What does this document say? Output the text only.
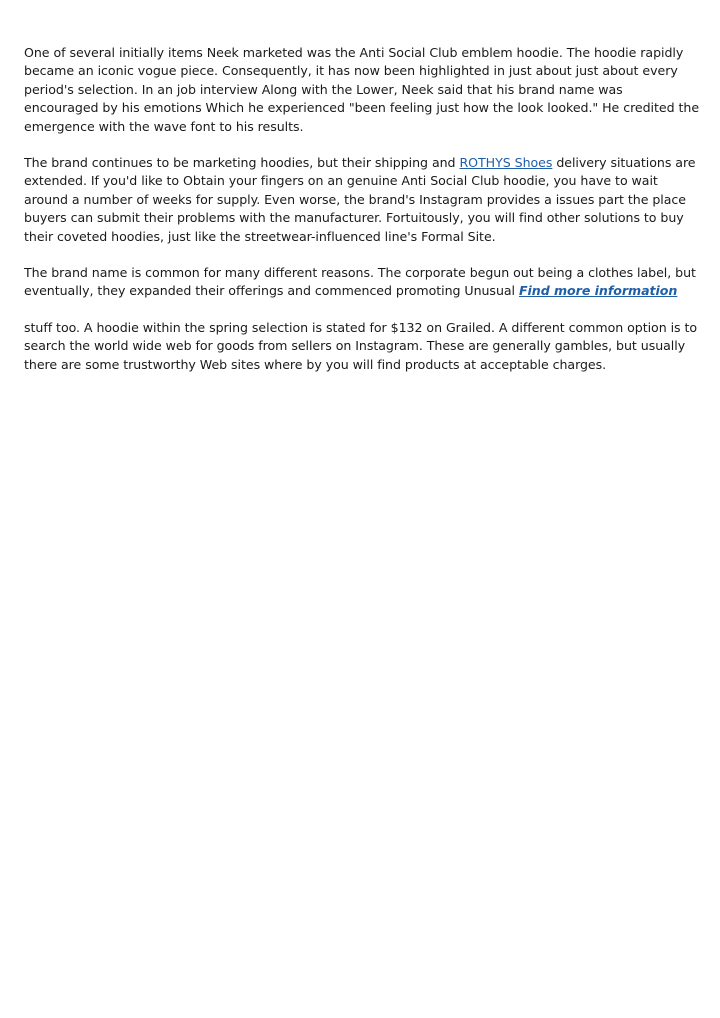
One of several initially items Neek marketed was the Anti Social Club emblem hoodie. The hoodie rapidly became an iconic vogue piece. Consequently, it has now been highlighted in just about just about every period's selection. In an job interview Along with the Lower, Neek said that his brand name was encouraged by his emotions Which he experienced "been feeling just how the look looked." He credited the emergence with the wave font to his results.

The brand continues to be marketing hoodies, but their shipping and ROTHYS Shoes delivery situations are extended. If you'd like to Obtain your fingers on an genuine Anti Social Club hoodie, you have to wait around a number of weeks for supply. Even worse, the brand's Instagram provides a issues part the place buyers can submit their problems with the manufacturer. Fortuitously, you will find other solutions to buy their coveted hoodies, just like the streetwear-influenced line's Formal Site.

The brand name is common for many different reasons. The corporate begun out being a clothes label, but eventually, they expanded their offerings and commenced promoting Unusual Find more information

stuff too. A hoodie within the spring selection is stated for $132 on Grailed. A different common option is to search the world wide web for goods from sellers on Instagram. These are generally gambles, but usually there are some trustworthy Web sites where by you will find products at acceptable charges.
